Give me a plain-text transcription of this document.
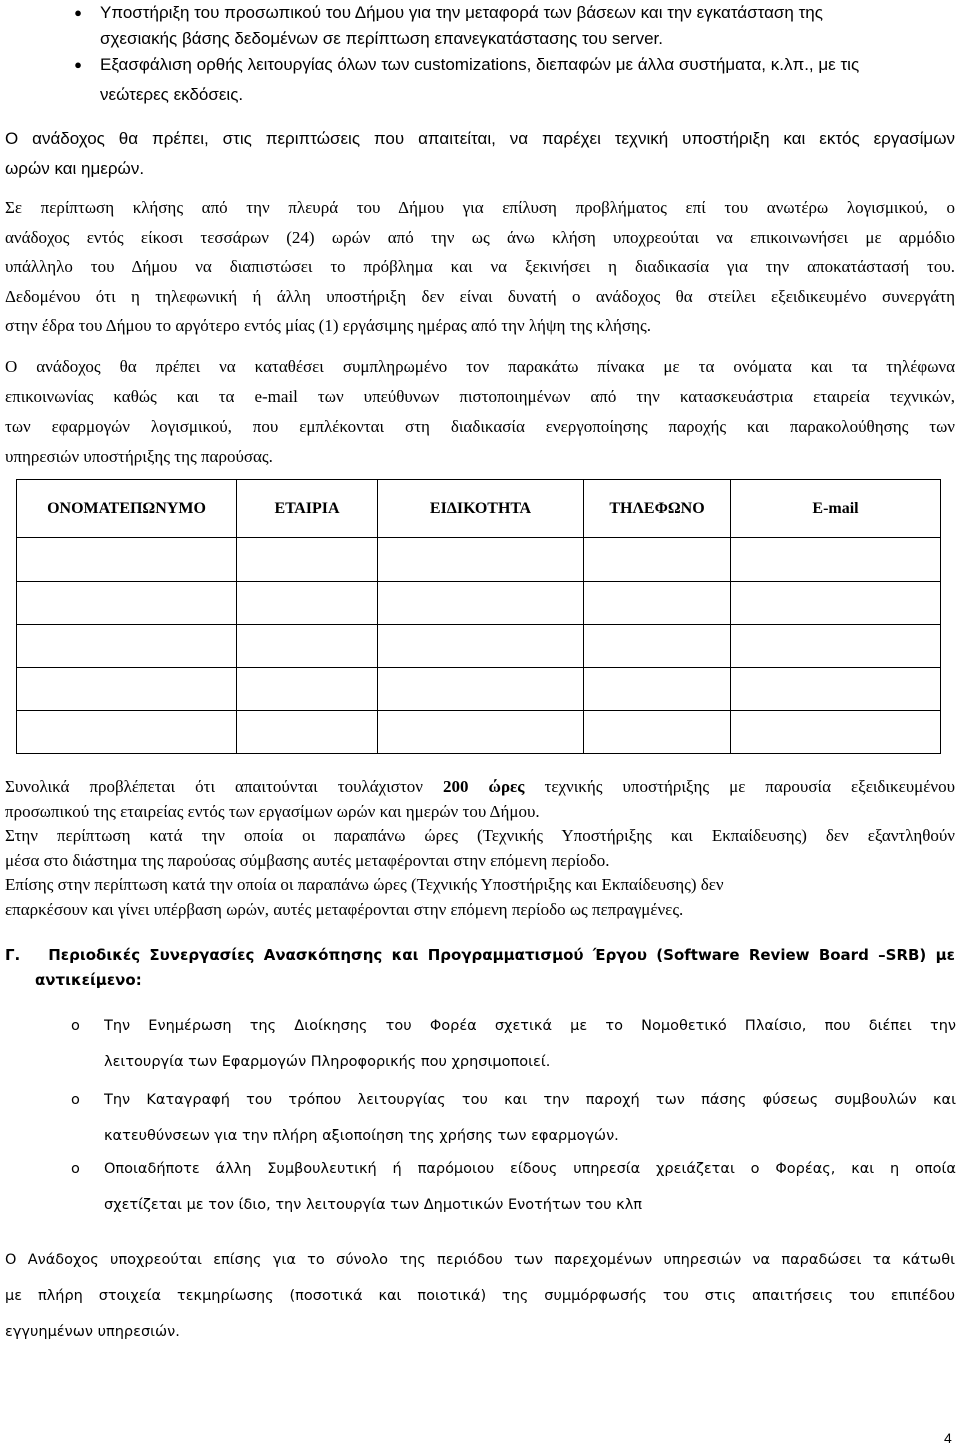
●	Υποστήριξη του προσωπικού του Δήμου για την μεταφορά των βάσεων και την εγκατάσταση της
σχεσιακής βάσης δεδομένων σε περίπτωση επανεγκατάστασης του server.
●	Εξασφάλιση ορθής λειτουργίας όλων των customizations, διεπαφών με άλλα συστήματα, κ.λπ., με τις
νεώτερες εκδόσεις.
Ο ανάδοχος θα πρέπει, στις περιπτώσεις που απαιτείται, να παρέχει τεχνική υποστήριξη και εκτός εργασίμων
ωρών και ημερών.
Σε περίπτωση κλήσης από την πλευρά του Δήμου για επίλυση προβλήματος επί του ανωτέρω λογισμικού, ο
ανάδοχος εντός είκοσι τεσσάρων (24) ωρών από την ως άνω κλήση υποχρεούται να επικοινωνήσει με αρμόδιο
υπάλληλο του Δήμου να διαπιστώσει το πρόβλημα και να ξεκινήσει η διαδικασία για την αποκατάστασή του.
Δεδομένου ότι η τηλεφωνική ή άλλη υποστήριξη δεν είναι δυνατή ο ανάδοχος θα στείλει εξειδικευμένο συνεργάτη
στην έδρα του Δήμου το αργότερο εντός μίας (1) εργάσιμης ημέρας από την λήψη της κλήσης.
Ο ανάδοχος θα πρέπει να καταθέσει συμπληρωμένο τον παρακάτω πίνακα με τα ονόματα και τα τηλέφωνα
επικοινωνίας καθώς και τα e-mail των υπεύθυνων πιστοποιημένων από την κατασκευάστρια εταιρεία τεχνικών,
των εφαρμογών λογισμικού, που εμπλέκονται στη διαδικασία ενεργοποίησης παροχής και παρακολούθησης των
υπηρεσιών υποστήριξης της παρούσας.
ΟΝΟΜΑΤΕΠΩΝΥΜΟ	ΕΤΑΙΡΙΑ	ΕΙΔΙΚΟΤΗΤΑ	ΤΗΛΕΦΩΝΟ	E-mail

Συνολικά προβλέπεται ότι απαιτούνται τουλάχιστον 200 ώρες τεχνικής υποστήριξης με παρουσία εξειδικευμένου
προσωπικού της εταιρείας εντός των εργασίμων ωρών και ημερών του Δήμου.
Στην περίπτωση κατά την οποία οι παραπάνω ώρες (Τεχνικής Υποστήριξης και Εκπαίδευσης) δεν εξαντληθούν
μέσα στο διάστημα της παρούσας σύμβασης αυτές μεταφέρονται στην επόμενη περίοδο.
Επίσης στην περίπτωση κατά την οποία οι παραπάνω ώρες (Τεχνικής Υποστήριξης και Εκπαίδευσης) δεν
επαρκέσουν και γίνει υπέρβαση ωρών, αυτές μεταφέρονται στην επόμενη περίοδο ως πεπραγμένες.
Γ. Περιοδικές Συνεργασίες Ανασκόπησης και Προγραμματισμού Έργου (Software Review Board –SRB) με
αντικείμενο:
o Την Ενημέρωση της Διοίκησης του Φορέα σχετικά με το Νομοθετικό Πλαίσιο, που διέπει την
λειτουργία των Εφαρμογών Πληροφορικής που χρησιμοποιεί.
o Την Καταγραφή του τρόπου λειτουργίας του και την παροχή των πάσης φύσεως συμβουλών και
κατευθύνσεων για την πλήρη αξιοποίηση της χρήσης των εφαρμογών.
o Οποιαδήποτε άλλη Συμβουλευτική ή παρόμοιου είδους υπηρεσία χρειάζεται ο Φορέας, και η οποία
σχετίζεται με τον ίδιο, την λειτουργία των Δημοτικών Ενοτήτων του κλπ
Ο Ανάδοχος υποχρεούται επίσης για το σύνολο της περιόδου των παρεχομένων υπηρεσιών να παραδώσει τα κάτωθι
με πλήρη στοιχεία τεκμηρίωσης (ποσοτικά και ποιοτικά) της συμμόρφωσής του στις απαιτήσεις του επιπέδου
εγγυημένων υπηρεσιών.
4
